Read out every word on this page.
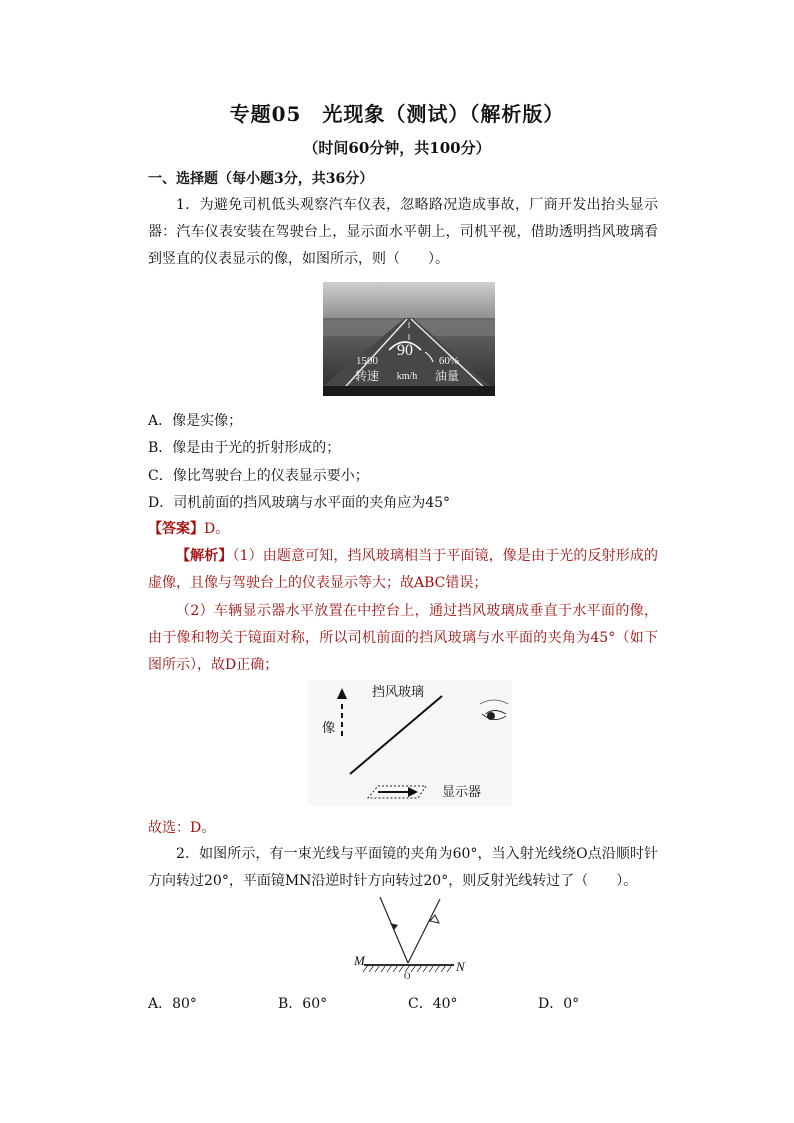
专题05　光现象（测试）（解析版）
（时间60分钟，共100分）
一、选择题（每小题3分，共36分）
1．为避免司机低头观察汽车仪表，忽略路况造成事故，厂商开发出抬头显示器：汽车仪表安装在驾驶台上，显示面水平朝上，司机平视，借助透明挡风玻璃看到竖直的仪表显示的像，如图所示，则（　　）。
90
1500	60%
转速 km/h 油量
A．像是实像；
B．像是由于光的折射形成的；
C．像比驾驶台上的仪表显示要小；
D．司机前面的挡风玻璃与水平面的夹角应为45°
【答案】D。
【解析】（1）由题意可知，挡风玻璃相当于平面镜，像是由于光的反射形成的虚像，且像与驾驶台上的仪表显示等大；故ABC错误；
（2）车辆显示器水平放置在中控台上，通过挡风玻璃成垂直于水平面的像，由于像和物关于镜面对称，所以司机前面的挡风玻璃与水平面的夹角为45°（如下图所示），故D正确；
像
挡风玻璃
显示器
故选：D。
2．如图所示，有一束光线与平面镜的夹角为60°，当入射光线绕O点沿顺时针方向转过20°，平面镜MN沿逆时针方向转过20°，则反射光线转过了（　　）。
M	N
O
A．80°	B．60°	C．40°	D．0°
